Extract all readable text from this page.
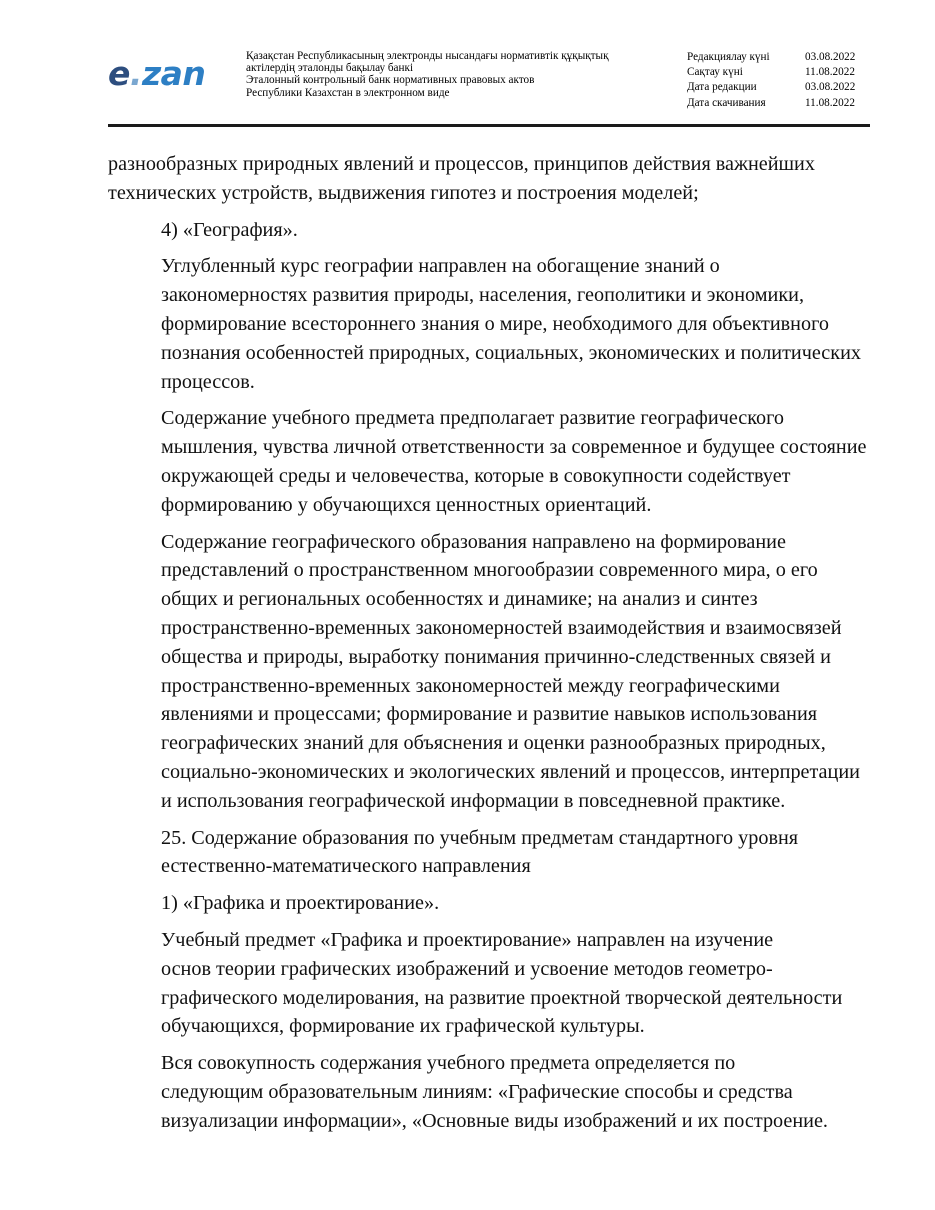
e.zan	Қазақстан Республикасының электронды нысандағы нормативтік құқықтық
актілердің эталонды бақылау банкі
Эталонный контрольный банк нормативных правовых актов
Республики Казахстан в электронном виде
Редакциялау күні	03.08.2022
Сақтау күні	11.08.2022
Дата редакции	03.08.2022
Дата скачивания	11.08.2022

разнообразных природных явлений и процессов, принципов действия важнейших
технических устройств, выдвижения гипотез и построения моделей;

4) «География».

Углубленный курс географии направлен на обогащение знаний о
закономерностях развития природы, населения, геополитики и экономики,
формирование всестороннего знания о мире, необходимого для объективного
познания особенностей природных, социальных, экономических и политических
процессов.

Содержание учебного предмета предполагает развитие географического
мышления, чувства личной ответственности за современное и будущее состояние
окружающей среды и человечества, которые в совокупности содействует
формированию у обучающихся ценностных ориентаций.

Содержание географического образования направлено на формирование
представлений о пространственном многообразии современного мира, о его
общих и региональных особенностях и динамике; на анализ и синтез
пространственно-временных закономерностей взаимодействия и взаимосвязей
общества и природы, выработку понимания причинно-следственных связей и
пространственно-временных закономерностей между географическими
явлениями и процессами; формирование и развитие навыков использования
географических знаний для объяснения и оценки разнообразных природных,
социально-экономических и экологических явлений и процессов, интерпретации
и использования географической информации в повседневной практике.

25. Содержание образования по учебным предметам стандартного уровня
естественно-математического направления

1) «Графика и проектирование».

Учебный предмет «Графика и проектирование» направлен на изучение
основ теории графических изображений и усвоение методов геометро-
графического моделирования, на развитие проектной творческой деятельности
обучающихся, формирование их графической культуры.

Вся совокупность содержания учебного предмета определяется по
следующим образовательным линиям: «Графические способы и средства
визуализации информации», «Основные виды изображений и их построение.
